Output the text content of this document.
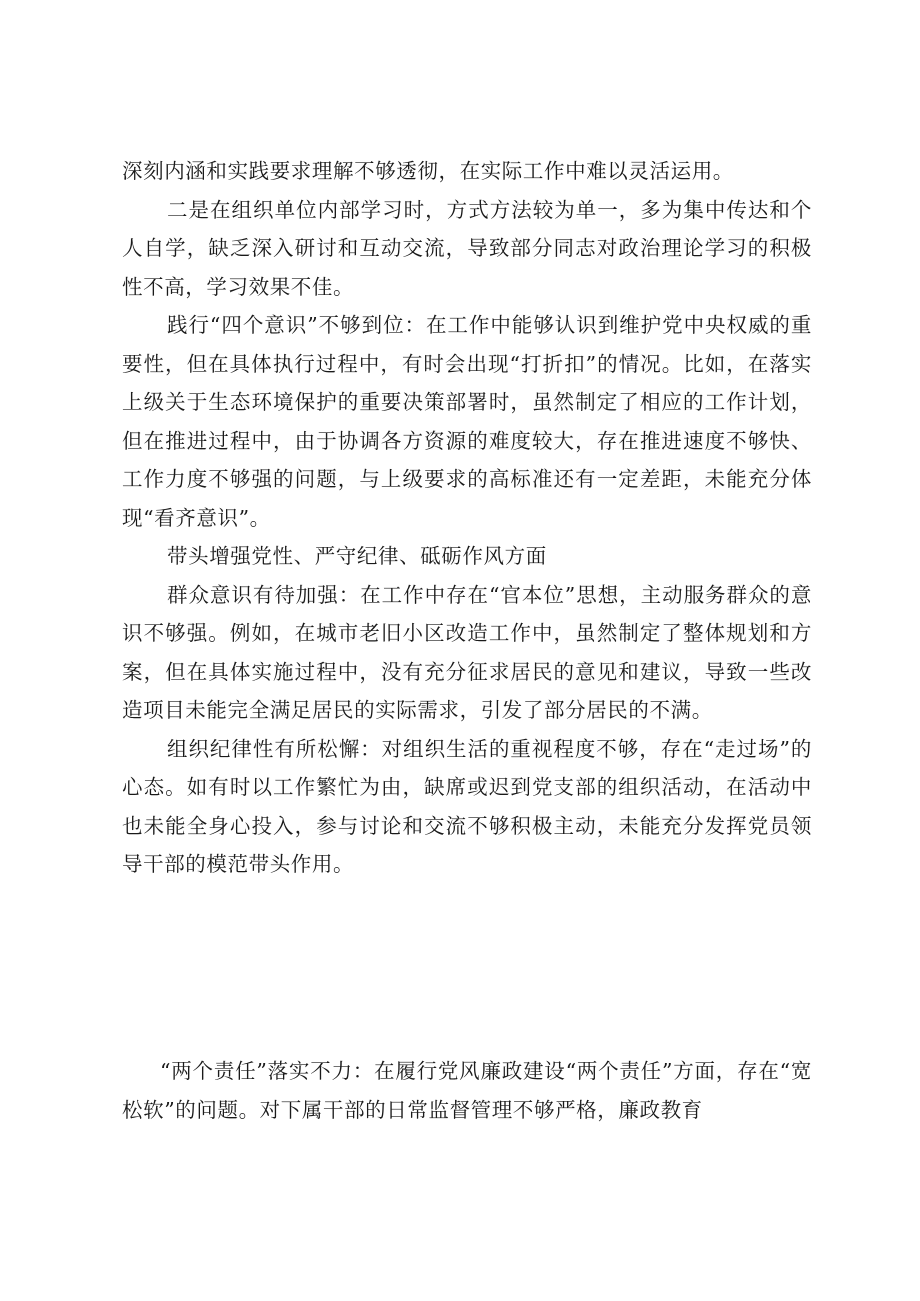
深刻内涵和实践要求理解不够透彻，在实际工作中难以灵活运用。

二是在组织单位内部学习时，方式方法较为单一，多为集中传达和个人自学，缺乏深入研讨和互动交流，导致部分同志对政治理论学习的积极性不高，学习效果不佳。

践行“四个意识”不够到位：在工作中能够认识到维护党中央权威的重要性，但在具体执行过程中，有时会出现“打折扣”的情况。比如，在落实上级关于生态环境保护的重要决策部署时，虽然制定了相应的工作计划，但在推进过程中，由于协调各方资源的难度较大，存在推进速度不够快、工作力度不够强的问题，与上级要求的高标准还有一定差距，未能充分体现“看齐意识”。

带头增强党性、严守纪律、砥砺作风方面

群众意识有待加强：在工作中存在“官本位”思想，主动服务群众的意识不够强。例如，在城市老旧小区改造工作中，虽然制定了整体规划和方案，但在具体实施过程中，没有充分征求居民的意见和建议，导致一些改造项目未能完全满足居民的实际需求，引发了部分居民的不满。

组织纪律性有所松懈：对组织生活的重视程度不够，存在“走过场”的心态。如有时以工作繁忙为由，缺席或迟到党支部的组织活动，在活动中也未能全身心投入，参与讨论和交流不够积极主动，未能充分发挥党员领导干部的模范带头作用。

“两个责任”落实不力：在履行党风廉政建设“两个责任”方面，存在“宽松软”的问题。对下属干部的日常监督管理不够严格，廉政教育
